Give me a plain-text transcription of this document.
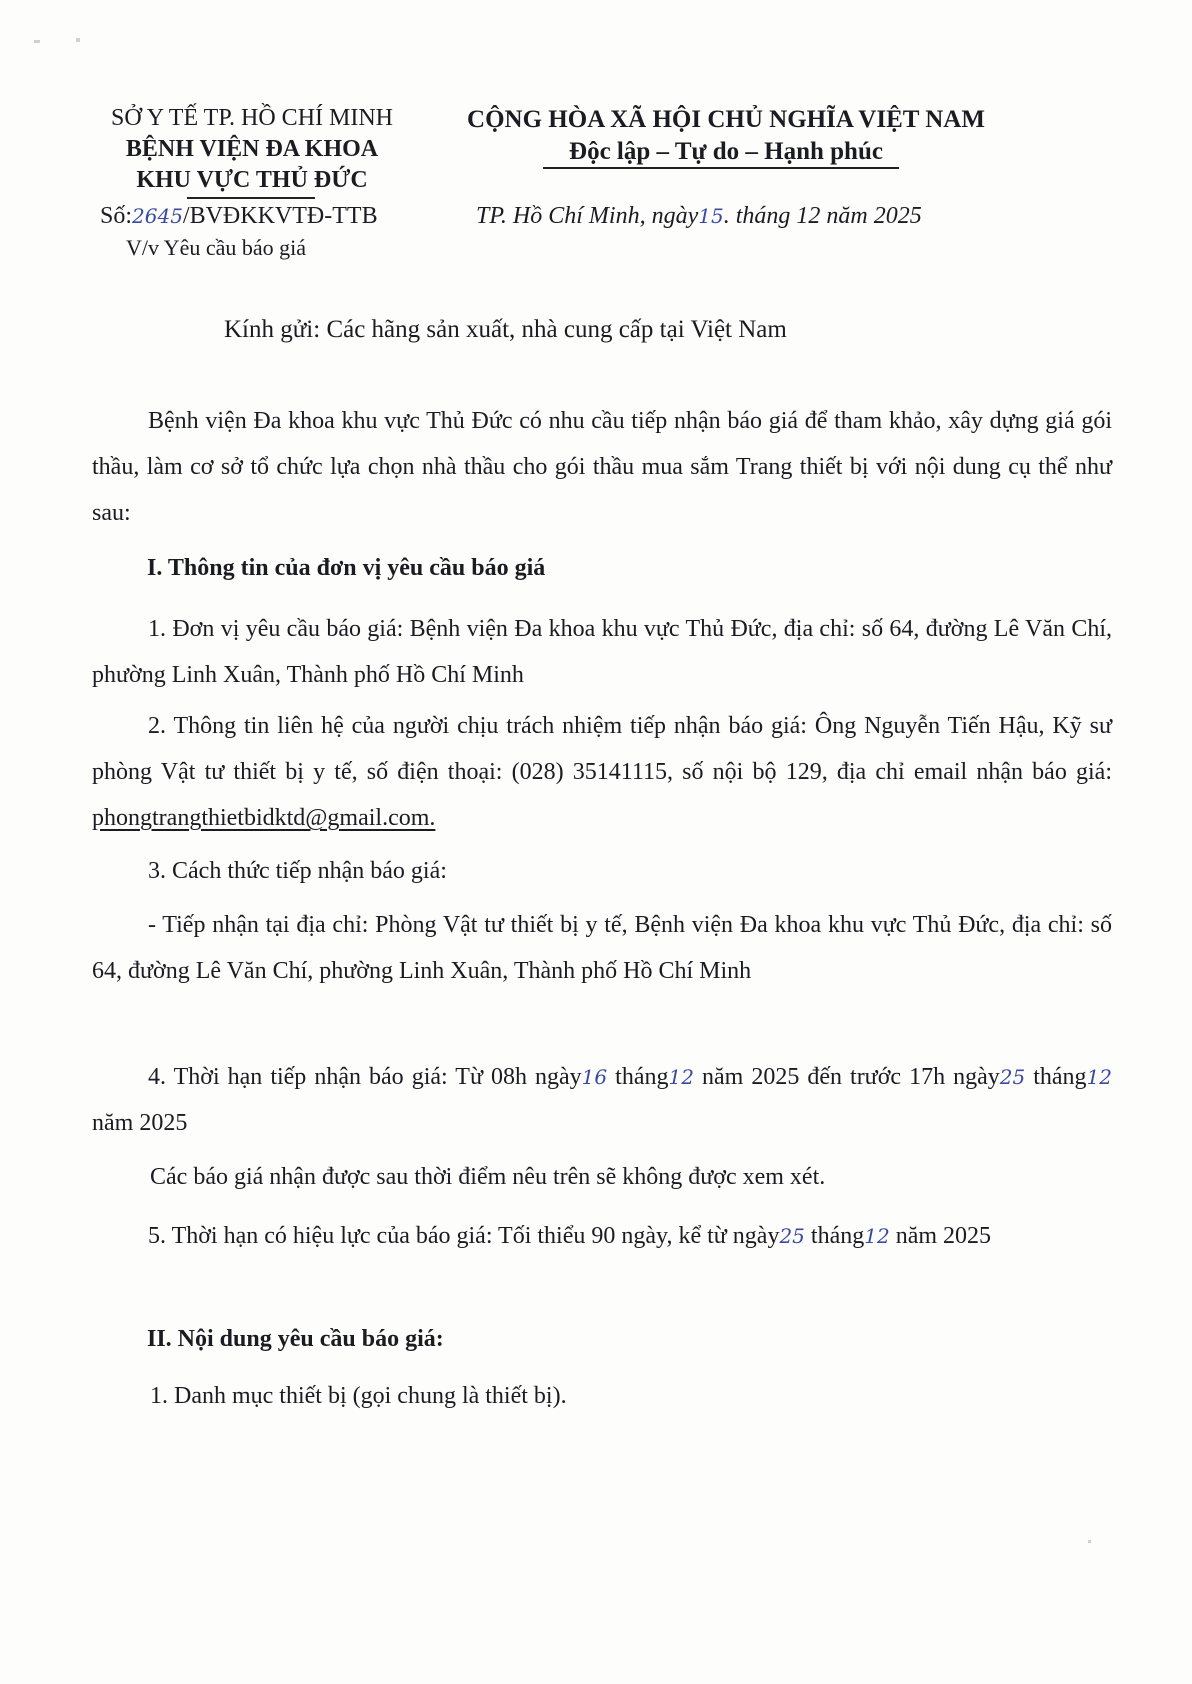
SỞ Y TẾ TP. HỒ CHÍ MINH
BỆNH VIỆN ĐA KHOA
KHU VỰC THỦ ĐỨC
Số:2645/BVĐKKVTĐ-TTB
V/v Yêu cầu báo giá
CỘNG HÒA XÃ HỘI CHỦ NGHĨA VIỆT NAM
Độc lập – Tự do – Hạnh phúc
TP. Hồ Chí Minh, ngày15. tháng 12 năm 2025
Kính gửi: Các hãng sản xuất, nhà cung cấp tại Việt Nam
Bệnh viện Đa khoa khu vực Thủ Đức có nhu cầu tiếp nhận báo giá để tham khảo, xây dựng giá gói thầu, làm cơ sở tổ chức lựa chọn nhà thầu cho gói thầu mua sắm Trang thiết bị với nội dung cụ thể như sau:
I. Thông tin của đơn vị yêu cầu báo giá
1. Đơn vị yêu cầu báo giá: Bệnh viện Đa khoa khu vực Thủ Đức, địa chỉ: số 64, đường Lê Văn Chí, phường Linh Xuân, Thành phố Hồ Chí Minh
2. Thông tin liên hệ của người chịu trách nhiệm tiếp nhận báo giá: Ông Nguyễn Tiến Hậu, Kỹ sư phòng Vật tư thiết bị y tế, số điện thoại: (028) 35141115, số nội bộ 129, địa chỉ email nhận báo giá: phongtrangthietbidktd@gmail.com.
3. Cách thức tiếp nhận báo giá:
- Tiếp nhận tại địa chỉ: Phòng Vật tư thiết bị y tế, Bệnh viện Đa khoa khu vực Thủ Đức, địa chỉ: số 64, đường Lê Văn Chí, phường Linh Xuân, Thành phố Hồ Chí Minh
4. Thời hạn tiếp nhận báo giá: Từ 08h ngày16 tháng12 năm 2025 đến trước 17h ngày25 tháng12 năm 2025
Các báo giá nhận được sau thời điểm nêu trên sẽ không được xem xét.
5. Thời hạn có hiệu lực của báo giá: Tối thiểu 90 ngày, kể từ ngày25 tháng12 năm 2025
II. Nội dung yêu cầu báo giá:
1. Danh mục thiết bị (gọi chung là thiết bị).
